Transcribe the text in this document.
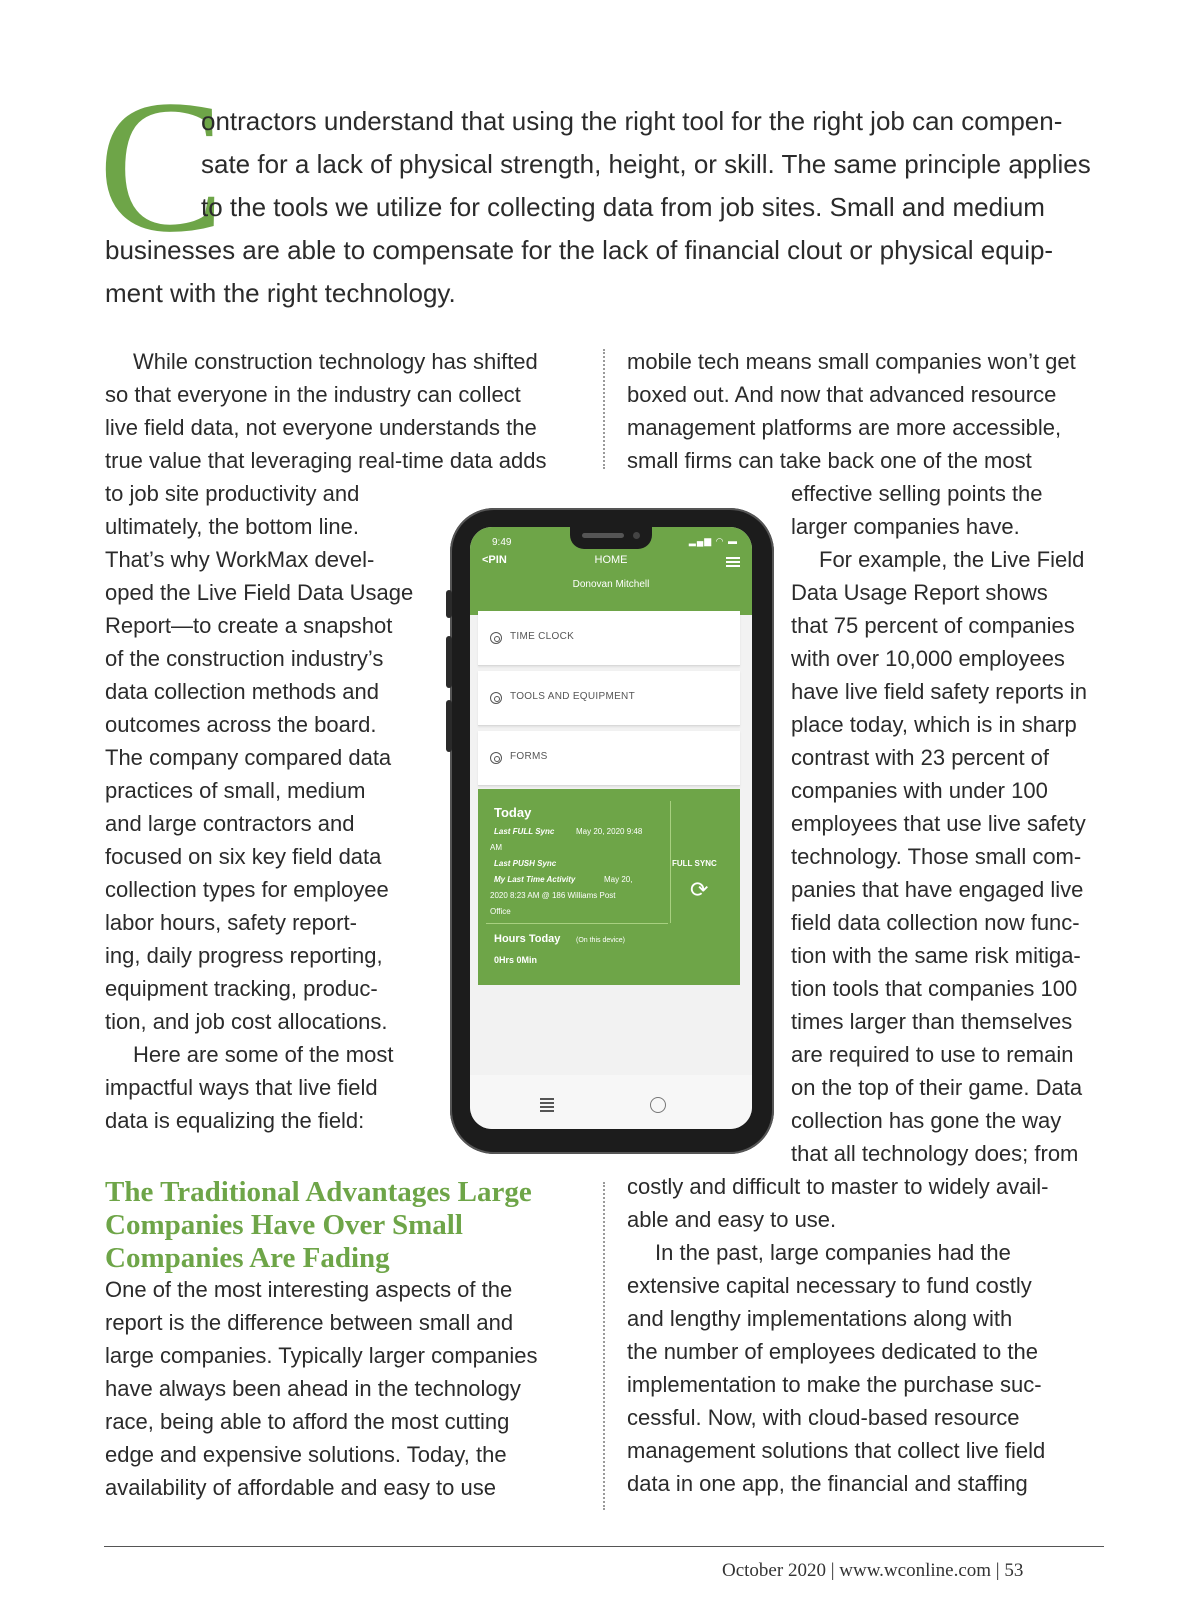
C
ontractors understand that using the right tool for the right job can compen-
sate for a lack of physical strength, height, or skill. The same principle applies
to the tools we utilize for collecting data from job sites. Small and medium
businesses are able to compensate for the lack of financial clout or physical equip-
ment with the right technology.
While construction technology has shifted
so that everyone in the industry can collect
live field data, not everyone understands the
true value that leveraging real-time data adds
to job site productivity and
ultimately, the bottom line.
That’s why WorkMax devel-
oped the Live Field Data Usage
Report—to create a snapshot
of the construction industry’s
data collection methods and
outcomes across the board.
The company compared data
practices of small, medium
and large contractors and
focused on six key field data
collection types for employee
labor hours, safety report-
ing, daily progress reporting,
equipment tracking, produc-
tion, and job cost allocations.
Here are some of the most
impactful ways that live field
data is equalizing the field:
The Traditional Advantages Large
Companies Have Over Small
Companies Are Fading
One of the most interesting aspects of the
report is the difference between small and
large companies. Typically larger companies
have always been ahead in the technology
race, being able to afford the most cutting
edge and expensive solutions. Today, the
availability of affordable and easy to use
mobile tech means small companies won’t get
boxed out. And now that advanced resource
management platforms are more accessible,
small firms can take back one of the most
effective selling points the
larger companies have.
For example, the Live Field
Data Usage Report shows
that 75 percent of companies
with over 10,000 employees
have live field safety reports in
place today, which is in sharp
contrast with 23 percent of
companies with under 100
employees that use live safety
technology. Those small com-
panies that have engaged live
field data collection now func-
tion with the same risk mitiga-
tion tools that companies 100
times larger than themselves
are required to use to remain
on the top of their game. Data
collection has gone the way
that all technology does; from
costly and difficult to master to widely avail-
able and easy to use.
In the past, large companies had the
extensive capital necessary to fund costly
and lengthy implementations along with
the number of employees dedicated to the
implementation to make the purchase suc-
cessful. Now, with cloud-based resource
management solutions that collect live field
data in one app, the financial and staffing
9:49	▂▄▆ ◠ ▬
<PIN	HOME
Donovan Mitchell
TIME CLOCK
TOOLS AND EQUIPMENT
FORMS
Today
Last FULL Sync	May 20, 2020 9:48
AM
Last PUSH Sync
My Last Time Activity	May 20,
2020 8:23 AM @ 186 Williams Post
Office
FULL SYNC
⟳
Hours Today (On this device)
0Hrs 0Min
October 2020 | www.wconline.com | 53
